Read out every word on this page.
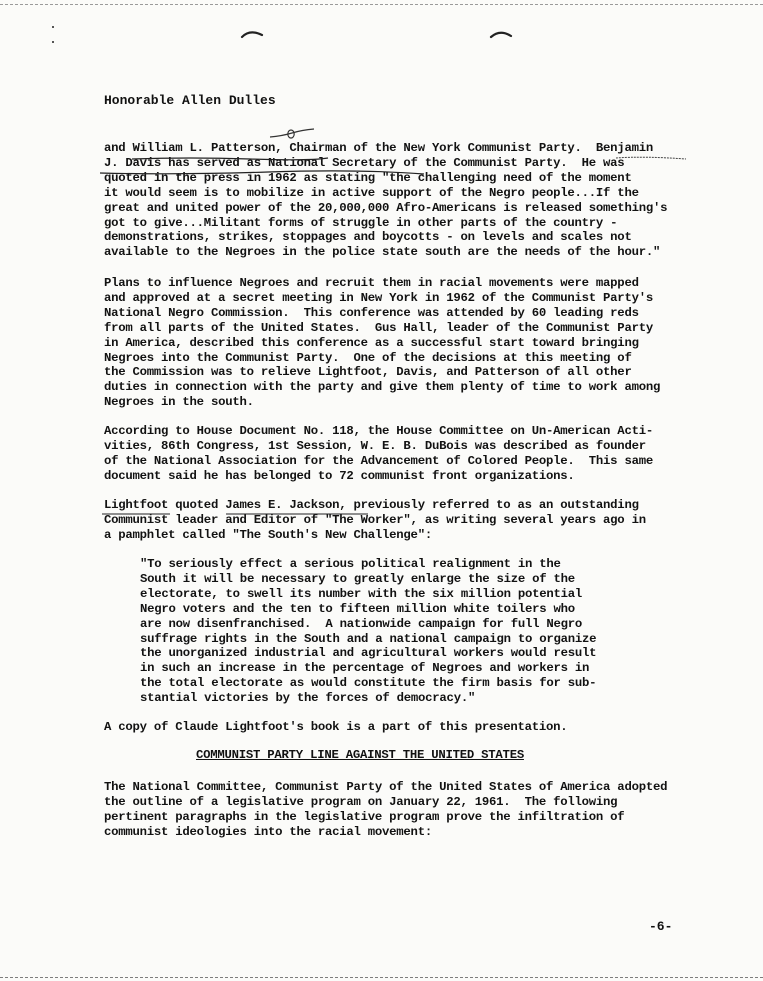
Honorable Allen Dulles

and William L. Patterson, Chairman of the New York Communist Party.  Benjamin
J. Davis has served as National Secretary of the Communist Party.  He was
quoted in the press in 1962 as stating "the challenging need of the moment
it would seem is to mobilize in active support of the Negro people...If the
great and united power of the 20,000,000 Afro-Americans is released something's
got to give...Militant forms of struggle in other parts of the country -
demonstrations, strikes, stoppages and boycotts - on levels and scales not
available to the Negroes in the police state south are the needs of the hour."

Plans to influence Negroes and recruit them in racial movements were mapped
and approved at a secret meeting in New York in 1962 of the Communist Party's
National Negro Commission.  This conference was attended by 60 leading reds
from all parts of the United States.  Gus Hall, leader of the Communist Party
in America, described this conference as a successful start toward bringing
Negroes into the Communist Party.  One of the decisions at this meeting of
the Commission was to relieve Lightfoot, Davis, and Patterson of all other
duties in connection with the party and give them plenty of time to work among
Negroes in the south.

According to House Document No. 118, the House Committee on Un-American Acti-
vities, 86th Congress, 1st Session, W. E. B. DuBois was described as founder
of the National Association for the Advancement of Colored People.  This same
document said he has belonged to 72 communist front organizations.

Lightfoot quoted James E. Jackson, previously referred to as an outstanding
Communist leader and Editor of "The Worker", as writing several years ago in
a pamphlet called "The South's New Challenge":

"To seriously effect a serious political realignment in the
South it will be necessary to greatly enlarge the size of the
electorate, to swell its number with the six million potential
Negro voters and the ten to fifteen million white toilers who
are now disenfranchised.  A nationwide campaign for full Negro
suffrage rights in the South and a national campaign to organize
the unorganized industrial and agricultural workers would result
in such an increase in the percentage of Negroes and workers in
the total electorate as would constitute the firm basis for sub-
stantial victories by the forces of democracy."

A copy of Claude Lightfoot's book is a part of this presentation.

COMMUNIST PARTY LINE AGAINST THE UNITED STATES

The National Committee, Communist Party of the United States of America adopted
the outline of a legislative program on January 22, 1961.  The following
pertinent paragraphs in the legislative program prove the infiltration of
communist ideologies into the racial movement:

-6-
